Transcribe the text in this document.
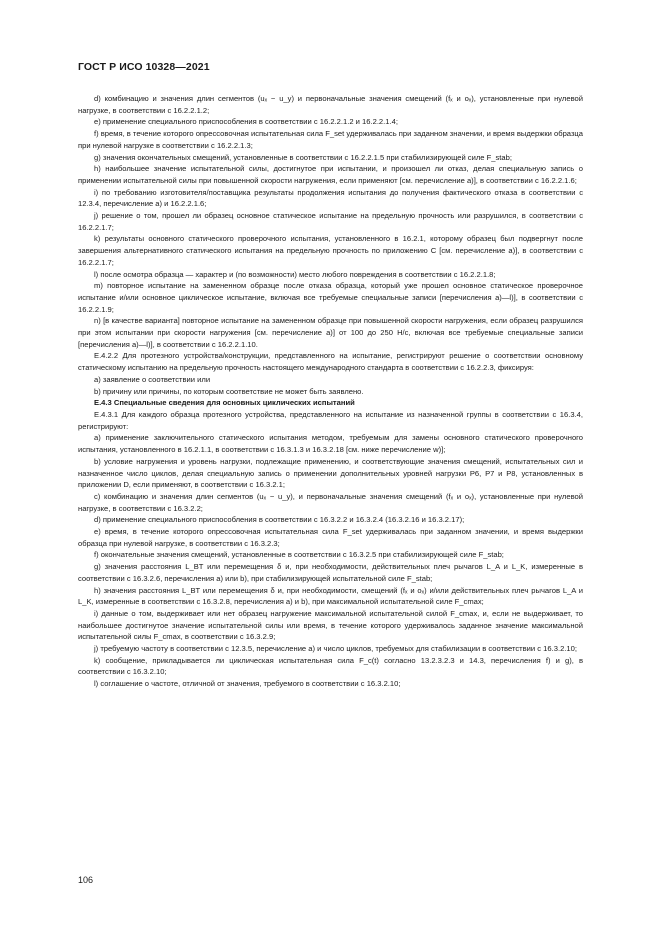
ГОСТ Р ИСО 10328—2021

d) комбинацию и значения длин сегментов (uₓ − u_y) и первоначальные значения смещений (fₓ и oₓ), установленные при нулевой нагрузке, в соответствии с 16.2.2.1.2;

e) применение специального приспособления в соответствии с 16.2.2.1.2 и 16.2.2.1.4;

f) время, в течение которого опрессовочная испытательная сила F_set удерживалась при заданном значении, и время выдержки образца при нулевой нагрузке в соответствии с 16.2.2.1.3;

g) значения окончательных смещений, установленные в соответствии с 16.2.2.1.5 при стабилизирующей силе F_stab;

h) наибольшее значение испытательной силы, достигнутое при испытании, и произошел ли отказ, делая специальную запись о применении испытательной силы при повышенной скорости нагружения, если применяют [см. перечисление а)], в соответствии с 16.2.2.1.6;

i) по требованию изготовителя/поставщика результаты продолжения испытания до получения фактического отказа в соответствии с 12.3.4, перечисление а) и 16.2.2.1.6;

j) решение о том, прошел ли образец основное статическое испытание на предельную прочность или разрушился, в соответствии с 16.2.2.1.7;

k) результаты основного статического проверочного испытания, установленного в 16.2.1, которому образец был подвергнут после завершения альтернативного статического испытания на предельную прочность по приложению С [см. перечисление а)], в соответствии с 16.2.2.1.7;

l) после осмотра образца — характер и (по возможности) место любого повреждения в соответствии с 16.2.2.1.8;

m) повторное испытание на замененном образце после отказа образца, который уже прошел основное статическое проверочное испытание и/или основное циклическое испытание, включая все требуемые специальные записи [перечисления а)—l)], в соответствии с 16.2.2.1.9;

n) [в качестве варианта] повторное испытание на замененном образце при повышенной скорости нагружения, если образец разрушился при этом испытании при скорости нагружения [см. перечисление а)] от 100 до 250 Н/с, включая все требуемые специальные записи [перечисления а)—l)], в соответствии с 16.2.2.1.10.

Е.4.2.2 Для протезного устройства/конструкции, представленного на испытание, регистрируют решение о соответствии основному статическому испытанию на предельную прочность настоящего международного стандарта в соответствии с 16.2.2.3, фиксируя:

a) заявление о соответствии или

b) причину или причины, по которым соответствие не может быть заявлено.

Е.4.3 Специальные сведения для основных циклических испытаний

Е.4.3.1 Для каждого образца протезного устройства, представленного на испытание из назначенной группы в соответствии с 16.3.4, регистрируют:

a) применение заключительного статического испытания методом, требуемым для замены основного статического проверочного испытания, установленного в 16.2.1.1, в соответствии с 16.3.1.3 и 16.3.2.18 [см. ниже перечисление w)];

b) условие нагружения и уровень нагрузки, подлежащие применению, и соответствующие значения смещений, испытательных сил и назначенное число циклов, делая специальную запись о применении дополнительных уровней нагрузки Р6, Р7 и Р8, установленных в приложении D, если применяют, в соответствии с 16.3.2.1;

c) комбинацию и значения длин сегментов (uₓ − u_y), и первоначальные значения смещений (fₓ и oₓ), установленные при нулевой нагрузке, в соответствии с 16.3.2.2;

d) применение специального приспособления в соответствии с 16.3.2.2 и 16.3.2.4 (16.3.2.16 и 16.3.2.17);

e) время, в течение которого опрессовочная испытательная сила F_set удерживалась при заданном значении, и время выдержки образца при нулевой нагрузке, в соответствии с 16.3.2.3;

f) окончательные значения смещений, установленные в соответствии с 16.3.2.5 при стабилизирующей силе F_stab;

g) значения расстояния L_BT или перемещения δ и, при необходимости, действительных плеч рычагов L_A и L_K, измеренные в соответствии с 16.3.2.6, перечисления а) или b), при стабилизирующей испытательной силе F_stab;

h) значения расстояния L_BT или перемещения δ и, при необходимости, смещений (fₓ и oₓ) и/или действительных плеч рычагов L_A и L_K, измеренные в соответствии с 16.3.2.8, перечисления а) и b), при максимальной испытательной силе F_cmax;

i) данные о том, выдерживает или нет образец нагружение максимальной испытательной силой F_cmax, и, если не выдерживает, то наибольшее достигнутое значение испытательной силы или время, в течение которого удерживалось заданное значение максимальной испытательной силы F_cmax, в соответствии с 16.3.2.9;

j) требуемую частоту в соответствии с 12.3.5, перечисление а) и число циклов, требуемых для стабилизации в соответствии с 16.3.2.10;

k) сообщение, прикладывается ли циклическая испытательная сила F_c(t) согласно 13.2.3.2.3 и 14.3, перечисления f) и g), в соответствии с 16.3.2.10;

l) соглашение о частоте, отличной от значения, требуемого в соответствии с 16.3.2.10;

106
